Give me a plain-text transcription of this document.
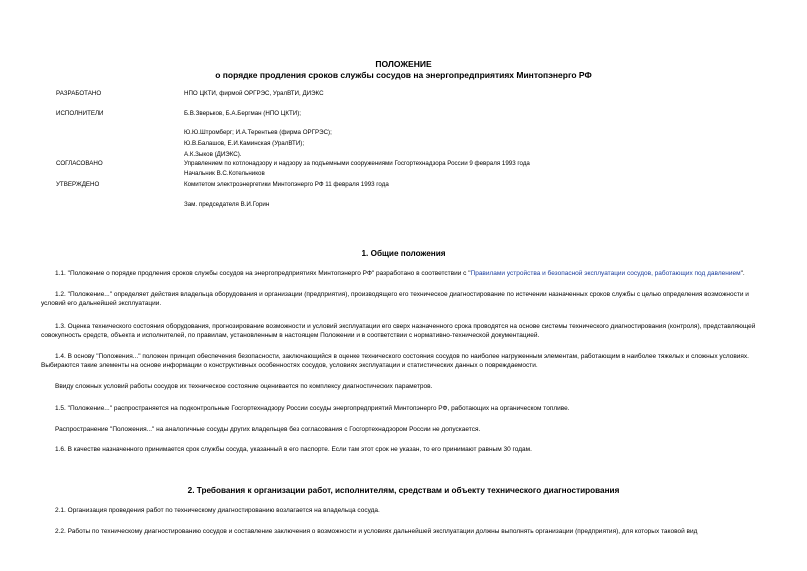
ПОЛОЖЕНИЕ
о порядке продления сроков службы сосудов на энергопредприятиях Минтопэнерго РФ
РАЗРАБОТАНО	НПО ЦКТИ, фирмой ОРГРЭС, УралВТИ, ДИЭКС
ИСПОЛНИТЕЛИ	Б.В.Зверьков, Б.А.Бергман (НПО ЦКТИ);
Ю.Ю.Штромберг; И.А.Терентьев (фирма ОРГРЭС);
Ю.В.Балашов, Е.И.Каминская (УралВТИ);
А.К.Зыков (ДИЭКС).
СОГЛАСОВАНО	Управлением по котлонадзору и надзору за подъемными сооружениями Госгортехнадзора России 9 февраля 1993 года
Начальник В.С.Котельников
УТВЕРЖДЕНО	Комитетом электроэнергетики Минтопэнерго РФ 11 февраля 1993 года
Зам. председателя В.И.Горин
1. Общие положения
1.1. "Положение о порядке продления сроков службы сосудов на энергопредприятиях Минтопэнерго РФ" разработано в соответствии с "Правилами устройства и безопасной эксплуатации сосудов, работающих под давлением".
1.2. "Положение..." определяет действия владельца оборудования и организации (предприятия), производящего его техническое диагностирование по истечении назначенных сроков службы с целью определения возможности и условий его дальнейшей эксплуатации.
1.3. Оценка технического состояния оборудования, прогнозирование возможности и условий эксплуатации его сверх назначенного срока проводятся на основе системы технического диагностирования (контроля), представляющей совокупность средств, объекта и исполнителей, по правилам, установленным в настоящем Положении и в соответствии с нормативно-технической документацией.
1.4. В основу "Положения..." положен принцип обеспечения безопасности, заключающийся в оценке технического состояния сосудов по наиболее нагруженным элементам, работающим в наиболее тяжелых и сложных условиях. Выбираются такие элементы на основе информации о конструктивных особенностях сосудов, условиях эксплуатации и статистических данных о повреждаемости.
Ввиду сложных условий работы сосудов их техническое состояние оценивается по комплексу диагностических параметров.
1.5. "Положение..." распространяется на подконтрольные Госгортехнадзору России сосуды энергопредприятий Минтопэнерго РФ, работающих на органическом топливе.
Распространение "Положения..." на аналогичные сосуды других владельцев без согласования с Госгортехнадзором России не допускается.
1.6. В качестве назначенного принимается срок службы сосуда, указанный в его паспорте. Если там этот срок не указан, то его принимают равным 30 годам.
2. Требования к организации работ, исполнителям, средствам и объекту технического диагностирования
2.1. Организация проведения работ по техническому диагностированию возлагается на владельца сосуда.
2.2. Работы по техническому диагностированию сосудов и составление заключения о возможности и условиях дальнейшей эксплуатации должны выполнять организации (предприятия), для которых таковой вид
